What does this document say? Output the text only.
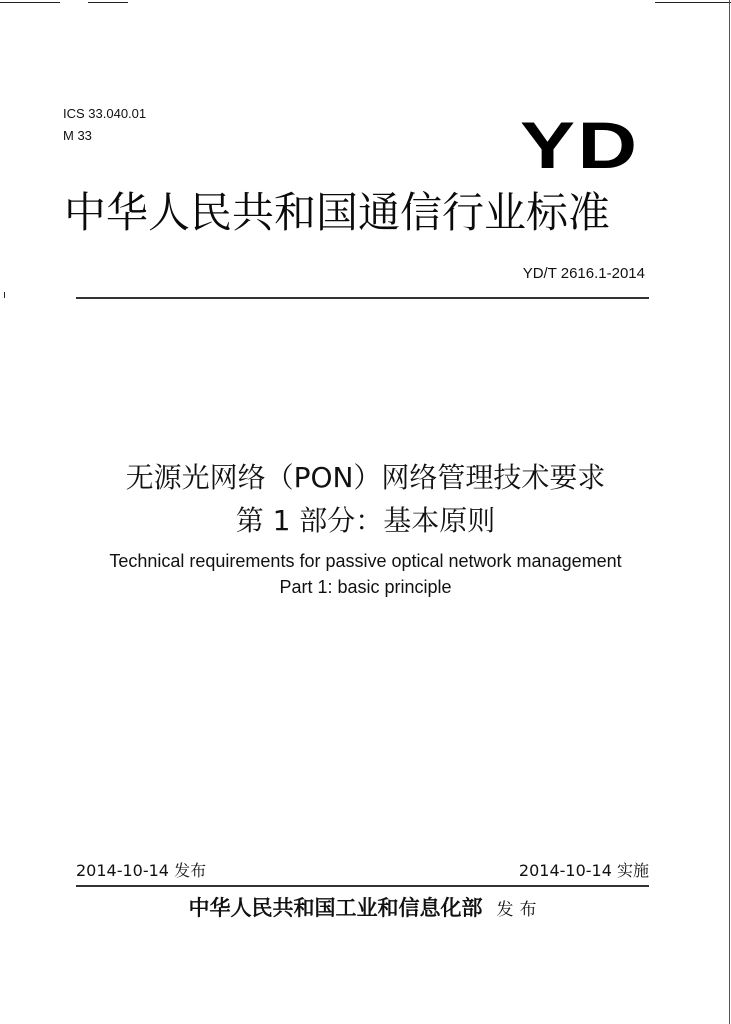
ICS 33.040.01
M 33	YD
中华人民共和国通信行业标准
YD/T 2616.1-2014
无源光网络（PON）网络管理技术要求
第 1 部分：基本原则
Technical requirements for passive optical network management
Part 1: basic principle
2014-10-14 发布	2014-10-14 实施
中华人民共和国工业和信息化部 发布
